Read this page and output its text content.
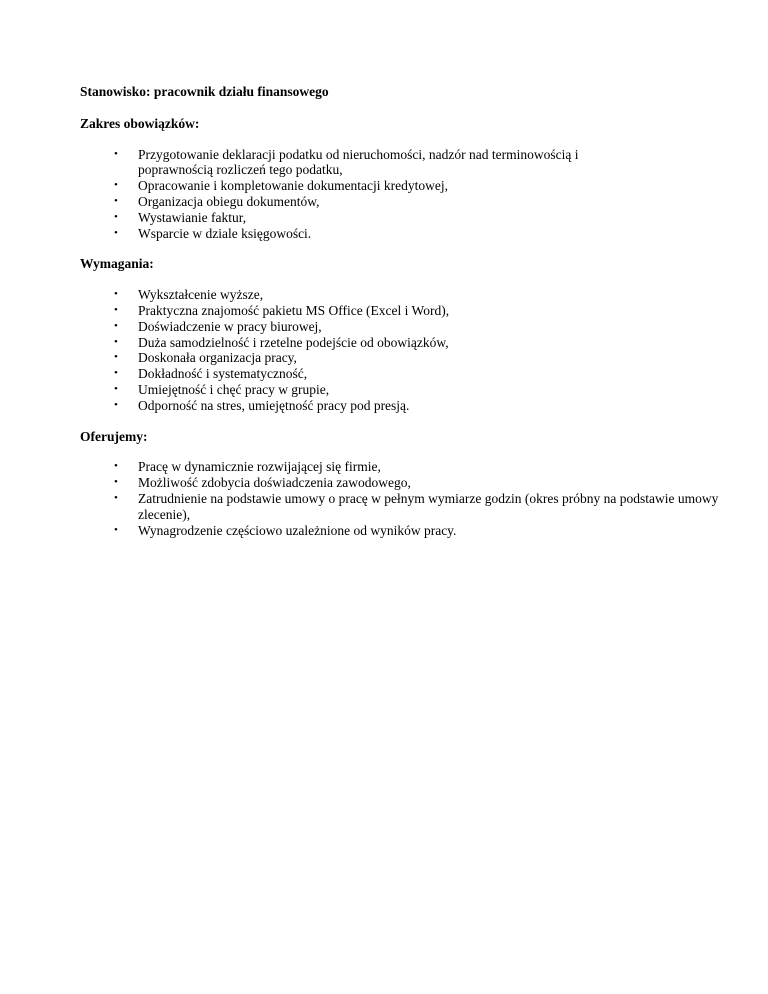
Stanowisko: pracownik działu finansowego

Zakres obowiązków:

• Przygotowanie deklaracji podatku od nieruchomości, nadzór nad terminowością i poprawnością rozliczeń tego podatku,
• Opracowanie i kompletowanie dokumentacji kredytowej,
• Organizacja obiegu dokumentów,
• Wystawianie faktur,
• Wsparcie w dziale księgowości.

Wymagania:

• Wykształcenie wyższe,
• Praktyczna znajomość pakietu MS Office (Excel i Word),
• Doświadczenie w pracy biurowej,
• Duża samodzielność i rzetelne podejście od obowiązków,
• Doskonała organizacja pracy,
• Dokładność i systematyczność,
• Umiejętność i chęć pracy w grupie,
• Odporność na stres, umiejętność pracy pod presją.

Oferujemy:

• Pracę w dynamicznie rozwijającej się firmie,
• Możliwość zdobycia doświadczenia zawodowego,
• Zatrudnienie na podstawie umowy o pracę w pełnym wymiarze godzin (okres próbny na podstawie umowy zlecenie),
• Wynagrodzenie częściowo uzależnione od wyników pracy.
